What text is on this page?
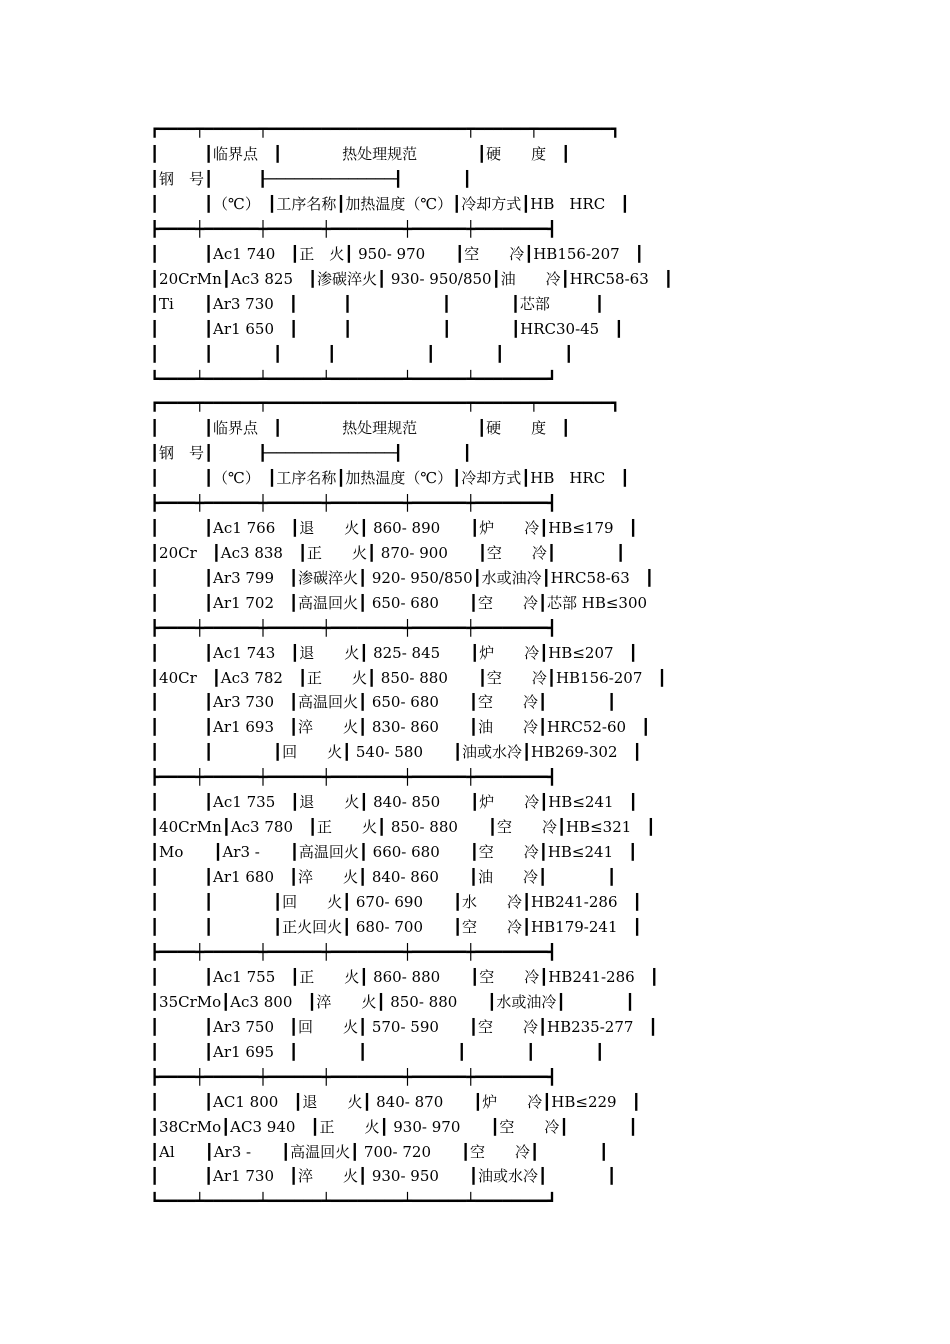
┏━━━━┯━━━━━━┯━━━━━━━━━━━━━━━━━━━━━━┯━━━━━━┯━━━━━━━━┓
┃　　　┃临界点　┃　　　　热处理规范　　　　┃硬　　度　┃
┃钢　号┃　　　┠──────────────┨　　　　┃
┃　　　┃（℃）　┃工序名称┃加热温度（℃）┃冷却方式┃HB　HRC　┃
┣━━━━┿━━━━━━┿━━━━━━┿━━━━━━━━┿━━━━━━┿━━━━━━━━┫
┃　　　┃Ac1 740　┃正　火┃ 950- 970　　┃空　　冷┃HB156-207　┃
┃20CrMn┃Ac3 825　┃渗碳淬火┃ 930- 950/850┃油　　冷┃HRC58-63　┃
┃Ti　　┃Ar3 730　┃　　　┃　　　　　　┃　　　　┃芯部　　　┃
┃　　　┃Ar1 650　┃　　　┃　　　　　　┃　　　　┃HRC30-45　┃
┃　　　┃　　　　┃　　　┃　　　　　　┃　　　　┃　　　　┃
┗━━━━┷━━━━━━┷━━━━━━┷━━━━━━━━┷━━━━━━┷━━━━━━━━┛
┏━━━━┯━━━━━━┯━━━━━━━━━━━━━━━━━━━━━━┯━━━━━━┯━━━━━━━━┓
┃　　　┃临界点　┃　　　　热处理规范　　　　┃硬　　度　┃
┃钢　号┃　　　┠──────────────┨　　　　┃
┃　　　┃（℃）　┃工序名称┃加热温度（℃）┃冷却方式┃HB　HRC　┃
┣━━━━┿━━━━━━┿━━━━━━┿━━━━━━━━┿━━━━━━┿━━━━━━━━┫
┃　　　┃Ac1 766　┃退　　火┃ 860- 890　　┃炉　　冷┃HB≤179　┃
┃20Cr　┃Ac3 838　┃正　　火┃ 870- 900　　┃空　　冷┃　　　　┃
┃　　　┃Ar3 799　┃渗碳淬火┃ 920- 950/850┃水或油冷┃HRC58-63　┃
┃　　　┃Ar1 702　┃高温回火┃ 650- 680　　┃空　　冷┃芯部 HB≤300
┣━━━━┿━━━━━━┿━━━━━━┿━━━━━━━━┿━━━━━━┿━━━━━━━━┫
┃　　　┃Ac1 743　┃退　　火┃ 825- 845　　┃炉　　冷┃HB≤207　┃
┃40Cr　┃Ac3 782　┃正　　火┃ 850- 880　　┃空　　冷┃HB156-207　┃
┃　　　┃Ar3 730　┃高温回火┃ 650- 680　　┃空　　冷┃　　　　┃
┃　　　┃Ar1 693　┃淬　　火┃ 830- 860　　┃油　　冷┃HRC52-60　┃
┃　　　┃　　　　┃回　　火┃ 540- 580　　┃油或水冷┃HB269-302　┃
┣━━━━┿━━━━━━┿━━━━━━┿━━━━━━━━┿━━━━━━┿━━━━━━━━┫
┃　　　┃Ac1 735　┃退　　火┃ 840- 850　　┃炉　　冷┃HB≤241　┃
┃40CrMn┃Ac3 780　┃正　　火┃ 850- 880　　┃空　　冷┃HB≤321　┃
┃Mo　　┃Ar3 -　　┃高温回火┃ 660- 680　　┃空　　冷┃HB≤241　┃
┃　　　┃Ar1 680　┃淬　　火┃ 840- 860　　┃油　　冷┃　　　　┃
┃　　　┃　　　　┃回　　火┃ 670- 690　　┃水　　冷┃HB241-286　┃
┃　　　┃　　　　┃正火回火┃ 680- 700　　┃空　　冷┃HB179-241　┃
┣━━━━┿━━━━━━┿━━━━━━┿━━━━━━━━┿━━━━━━┿━━━━━━━━┫
┃　　　┃Ac1 755　┃正　　火┃ 860- 880　　┃空　　冷┃HB241-286　┃
┃35CrMo┃Ac3 800　┃淬　　火┃ 850- 880　　┃水或油冷┃　　　　┃
┃　　　┃Ar3 750　┃回　　火┃ 570- 590　　┃空　　冷┃HB235-277　┃
┃　　　┃Ar1 695　┃　　　　┃　　　　　　┃　　　　┃　　　　┃
┣━━━━┿━━━━━━┿━━━━━━┿━━━━━━━━┿━━━━━━┿━━━━━━━━┫
┃　　　┃AC1 800　┃退　　火┃ 840- 870　　┃炉　　冷┃HB≤229　┃
┃38CrMo┃AC3 940　┃正　　火┃ 930- 970　　┃空　　冷┃　　　　┃
┃Al　　┃Ar3 -　　┃高温回火┃ 700- 720　　┃空　　冷┃　　　　┃
┃　　　┃Ar1 730　┃淬　　火┃ 930- 950　　┃油或水冷┃　　　　┃
┗━━━━┷━━━━━━┷━━━━━━┷━━━━━━━━┷━━━━━━┷━━━━━━━━┛
